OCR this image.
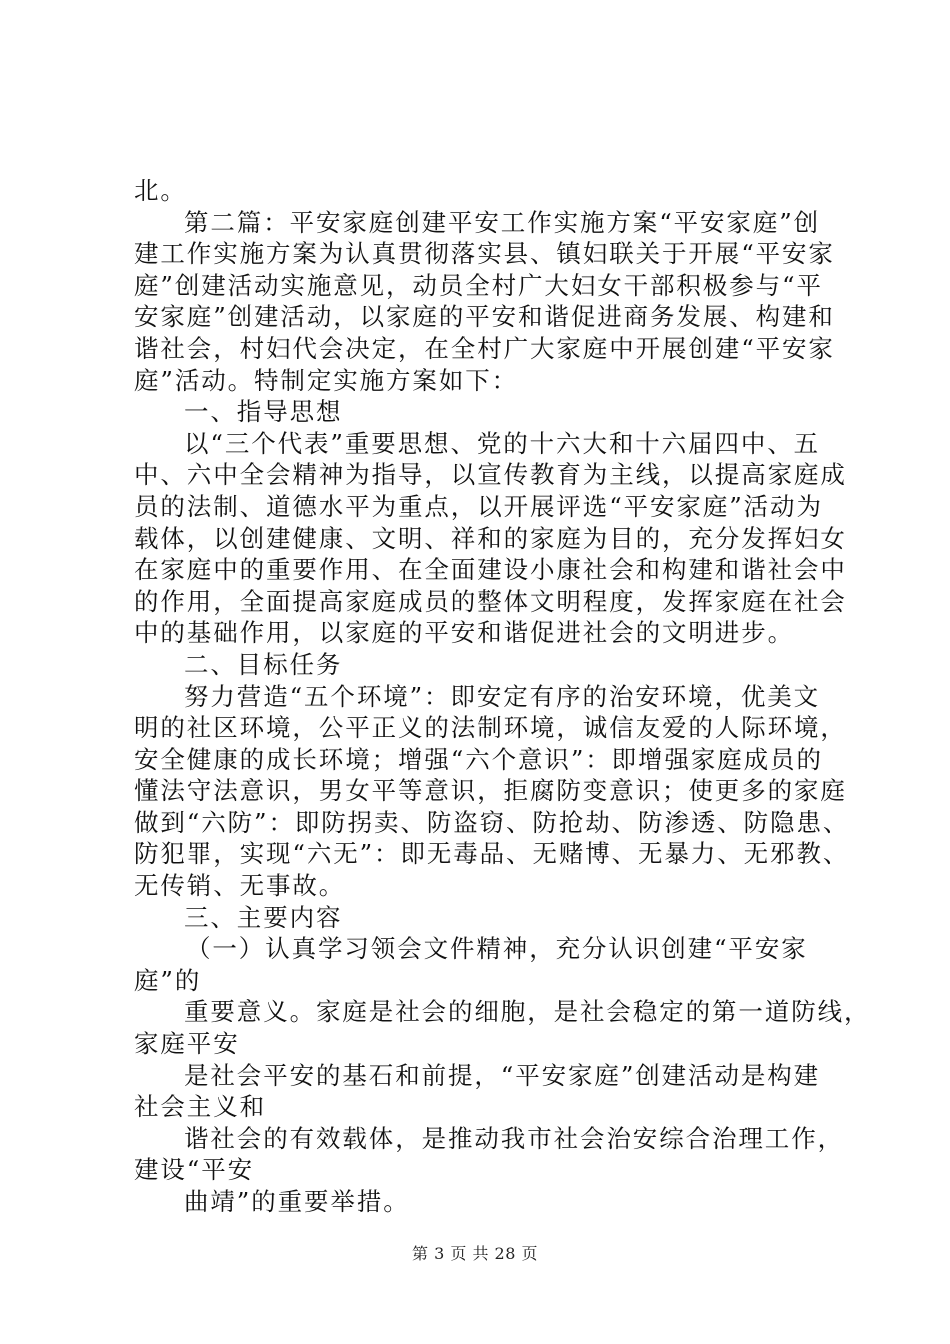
北。
第二篇：平安家庭创建平安工作实施方案“平安家庭”创
建工作实施方案为认真贯彻落实县、镇妇联关于开展“平安家
庭”创建活动实施意见，动员全村广大妇女干部积极参与“平
安家庭”创建活动，以家庭的平安和谐促进商务发展、构建和
谐社会，村妇代会决定，在全村广大家庭中开展创建“平安家
庭”活动。特制定实施方案如下：
一、指导思想
以“三个代表”重要思想、党的十六大和十六届四中、五
中、六中全会精神为指导，以宣传教育为主线，以提高家庭成
员的法制、道德水平为重点，以开展评选“平安家庭”活动为
载体，以创建健康、文明、祥和的家庭为目的，充分发挥妇女
在家庭中的重要作用、在全面建设小康社会和构建和谐社会中
的作用，全面提高家庭成员的整体文明程度，发挥家庭在社会
中的基础作用，以家庭的平安和谐促进社会的文明进步。
二、目标任务
努力营造“五个环境”：即安定有序的治安环境，优美文
明的社区环境，公平正义的法制环境，诚信友爱的人际环境，
安全健康的成长环境；增强“六个意识”：即增强家庭成员的
懂法守法意识，男女平等意识，拒腐防变意识；使更多的家庭
做到“六防”：即防拐卖、防盗窃、防抢劫、防渗透、防隐患、
防犯罪，实现“六无”：即无毒品、无赌博、无暴力、无邪教、
无传销、无事故。
三、主要内容
（一）认真学习领会文件精神，充分认识创建“平安家
庭”的
重要意义。家庭是社会的细胞，是社会稳定的第一道防线，
家庭平安
是社会平安的基石和前提，“平安家庭”创建活动是构建
社会主义和
谐社会的有效载体，是推动我市社会治安综合治理工作，
建设“平安
曲靖”的重要举措。
第 3 页 共 28 页
